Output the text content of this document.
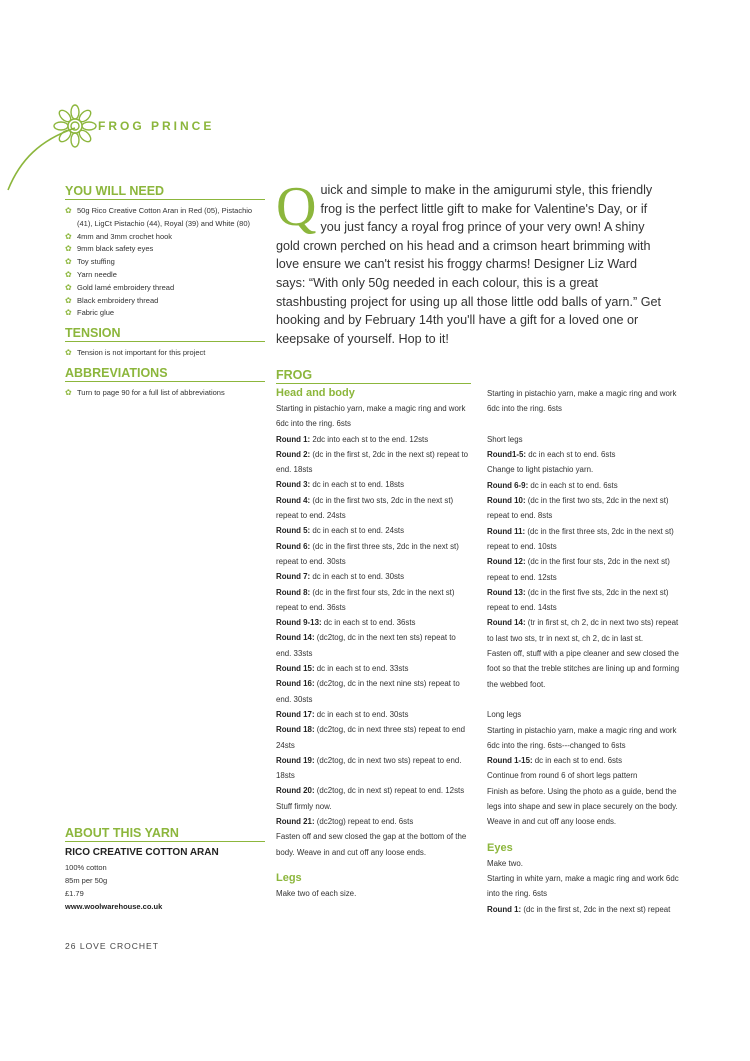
FROG PRINCE
YOU WILL NEED
✿ 50g Rico Creative Cotton Aran in Red (05), Pistachio (41), LigCt Pistachio (44), Royal (39) and White (80)
✿ 4mm and 3mm crochet hook
✿ 9mm black safety eyes
✿ Toy stuffing
✿ Yarn needle
✿ Gold lamé embroidery thread
✿ Black embroidery thread
✿ Fabric glue
TENSION
✿ Tension is not important for this project
ABBREVIATIONS
✿ Turn to page 90 for a full list of abbreviations
Quick and simple to make in the amigurumi style, this friendly frog is the perfect little gift to make for Valentine's Day, or if you just fancy a royal frog prince of your very own! A shiny gold crown perched on his head and a crimson heart brimming with love ensure we can't resist his froggy charms! Designer Liz Ward says: “With only 50g needed in each colour, this is a great stashbusting project for using up all those little odd balls of yarn.” Get hooking and by February 14th you'll have a gift for a loved one or keepsake of yourself. Hop to it!
FROG
Head and body

Starting in pistachio yarn, make a magic ring and work 6dc into the ring. 6sts

Round 1: 2dc into each st to the end. 12sts

Round 2: (dc in the first st, 2dc in the next st) repeat to end. 18sts

Round 3: dc in each st to end. 18sts

Round 4: (dc in the first two sts, 2dc in the next st) repeat to end. 24sts

Round 5: dc in each st to end. 24sts

Round 6: (dc in the first three sts, 2dc in the next st) repeat to end. 30sts

Round 7: dc in each st to end. 30sts

Round 8: (dc in the first four sts, 2dc in the next st) repeat to end. 36sts

Round 9-13: dc in each st to end. 36sts

Round 14: (dc2tog, dc in the next ten sts) repeat to end. 33sts

Round 15: dc in each st to end. 33sts

Round 16: (dc2tog, dc in the next nine sts) repeat to end. 30sts

Round 17: dc in each st to end. 30sts

Round 18: (dc2tog, dc in next three sts) repeat to end 24sts

Round 19: (dc2tog, dc in next two sts) repeat to end. 18sts

Round 20: (dc2tog, dc in next st) repeat to end. 12sts

Stuff firmly now.

Round 21: (dc2tog) repeat to end. 6sts

Fasten off and sew closed the gap at the bottom of the body. Weave in and cut off any loose ends.

Legs

Make two of each size.

Starting in pistachio yarn, make a magic ring and work 6dc into the ring. 6sts

Short legs

Round1-5: dc in each st to end. 6sts

Change to light pistachio yarn.

Round 6-9: dc in each st to end. 6sts

Round 10: (dc in the first two sts, 2dc in the next st) repeat to end. 8sts

Round 11: (dc in the first three sts, 2dc in the next st) repeat to end. 10sts

Round 12: (dc in the first four sts, 2dc in the next st) repeat to end. 12sts

Round 13: (dc in the first five sts, 2dc in the next st) repeat to end. 14sts

Round 14: (tr in first st, ch 2, dc in next two sts) repeat to last two sts, tr in next st, ch 2, dc in last st.

Fasten off, stuff with a pipe cleaner and sew closed the foot so that the treble stitches are lining up and forming the webbed foot.

Long legs

Starting in pistachio yarn, make a magic ring and work 6dc into the ring. 6sts---changed to 6sts

Round 1-15: dc in each st to end. 6sts

Continue from round 6 of short legs pattern

Finish as before. Using the photo as a guide, bend the legs into shape and sew in place securely on the body. Weave in and cut off any loose ends.

Eyes

Make two.

Starting in white yarn, make a magic ring and work 6dc into the ring. 6sts

Round 1: (dc in the first st, 2dc in the next st) repeat

ABOUT THIS YARN
RICO CREATIVE COTTON ARAN
100% cotton
85m per 50g
£1.79
www.woolwarehouse.co.uk
26 LOVE CROCHET
